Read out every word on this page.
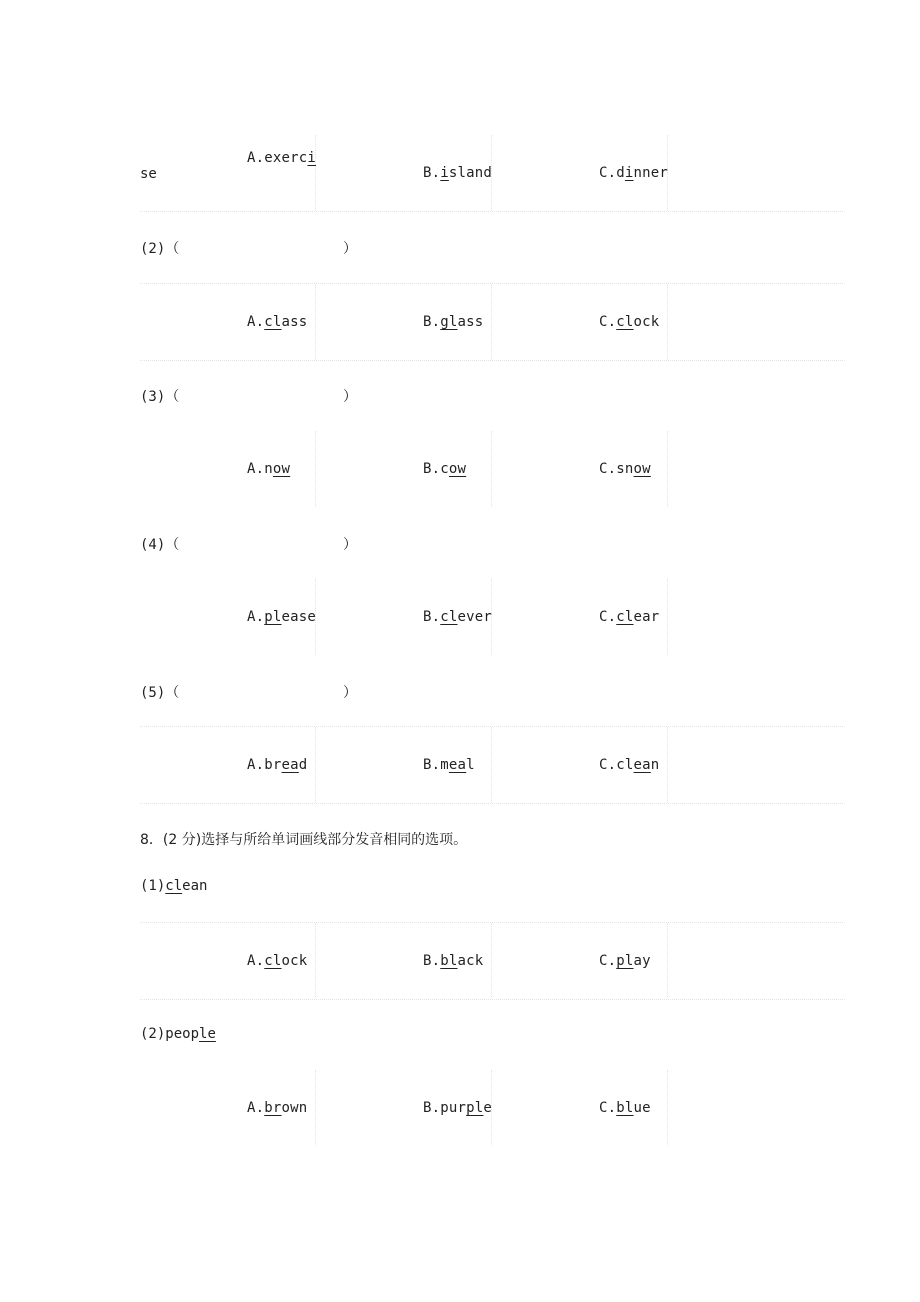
A.exerci
se	B.island	C.dinner
(2)（	）
A.class	B.glass	C.clock
(3)（	）
A.now	B.cow	C.snow
(4)（	）
A.please	B.clever	C.clear
(5)（	）
A.bread	B.meal	C.clean
8．(2 分)选择与所给单词画线部分发音相同的选项。
(1)clean
A.clock	B.black	C.play
(2)people
A.brown	B.purple	C.blue
